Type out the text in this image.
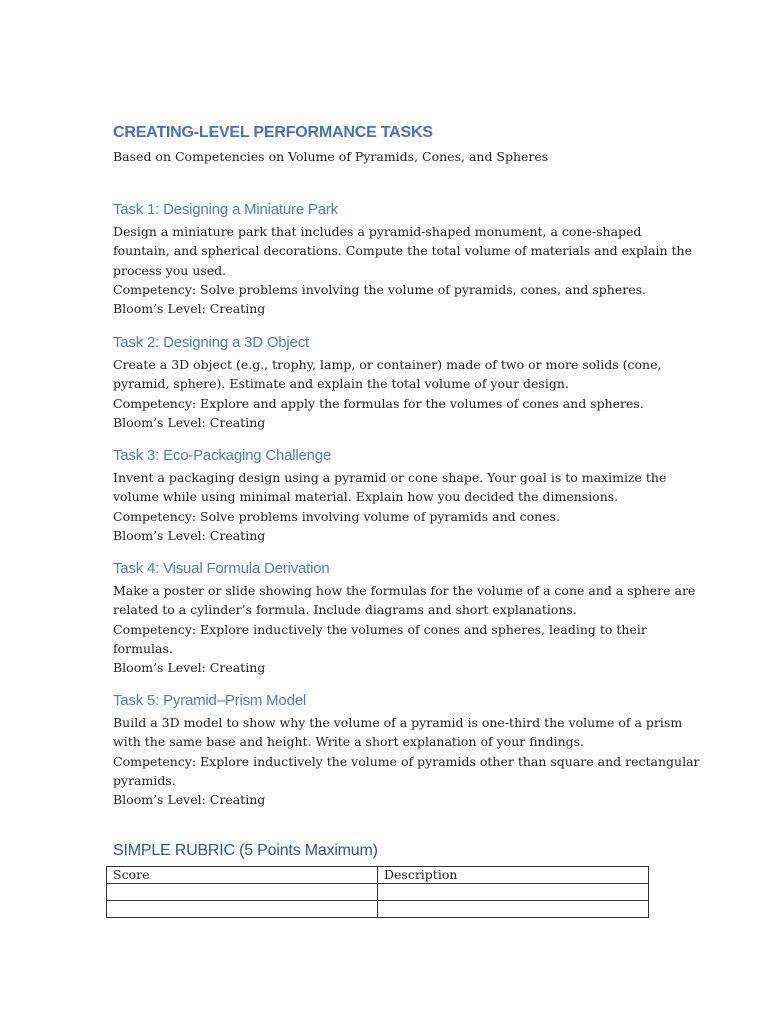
CREATING-LEVEL PERFORMANCE TASKS
Based on Competencies on Volume of Pyramids, Cones, and Spheres
Task 1: Designing a Miniature Park
Design a miniature park that includes a pyramid-shaped monument, a cone-shaped
fountain, and spherical decorations. Compute the total volume of materials and explain the
process you used.
Competency: Solve problems involving the volume of pyramids, cones, and spheres.
Bloom’s Level: Creating
Task 2: Designing a 3D Object
Create a 3D object (e.g., trophy, lamp, or container) made of two or more solids (cone,
pyramid, sphere). Estimate and explain the total volume of your design.
Competency: Explore and apply the formulas for the volumes of cones and spheres.
Bloom’s Level: Creating
Task 3: Eco-Packaging Challenge
Invent a packaging design using a pyramid or cone shape. Your goal is to maximize the
volume while using minimal material. Explain how you decided the dimensions.
Competency: Solve problems involving volume of pyramids and cones.
Bloom’s Level: Creating
Task 4: Visual Formula Derivation
Make a poster or slide showing how the formulas for the volume of a cone and a sphere are
related to a cylinder’s formula. Include diagrams and short explanations.
Competency: Explore inductively the volumes of cones and spheres, leading to their
formulas.
Bloom’s Level: Creating
Task 5: Pyramid–Prism Model
Build a 3D model to show why the volume of a pyramid is one-third the volume of a prism
with the same base and height. Write a short explanation of your findings.
Competency: Explore inductively the volume of pyramids other than square and rectangular
pyramids.
Bloom’s Level: Creating
SIMPLE RUBRIC (5 Points Maximum)
Score	Description
